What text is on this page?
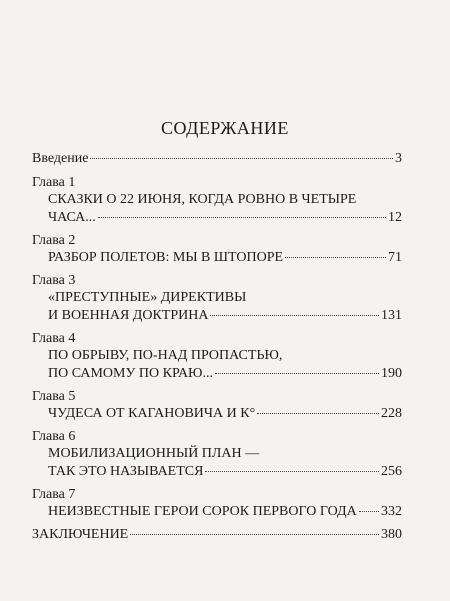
СОДЕРЖАНИЕ
Введение	3
Глава 1
СКАЗКИ О 22 ИЮНЯ, КОГДА РОВНО В ЧЕТЫРЕ
ЧАСА...	12
Глава 2
РАЗБОР ПОЛЕТОВ: МЫ В ШТОПОРЕ	71
Глава 3
«ПРЕСТУПНЫЕ» ДИРЕКТИВЫ
И ВОЕННАЯ ДОКТРИНА	131
Глава 4
ПО ОБРЫВУ, ПО-НАД ПРОПАСТЬЮ,
ПО САМОМУ ПО КРАЮ...	190
Глава 5
ЧУДЕСА ОТ КАГАНОВИЧА И К°	228
Глава 6
МОБИЛИЗАЦИОННЫЙ ПЛАН —
ТАК ЭТО НАЗЫВАЕТСЯ	256
Глава 7
НЕИЗВЕСТНЫЕ ГЕРОИ СОРОК ПЕРВОГО ГОДА 332
ЗАКЛЮЧЕНИЕ	380
